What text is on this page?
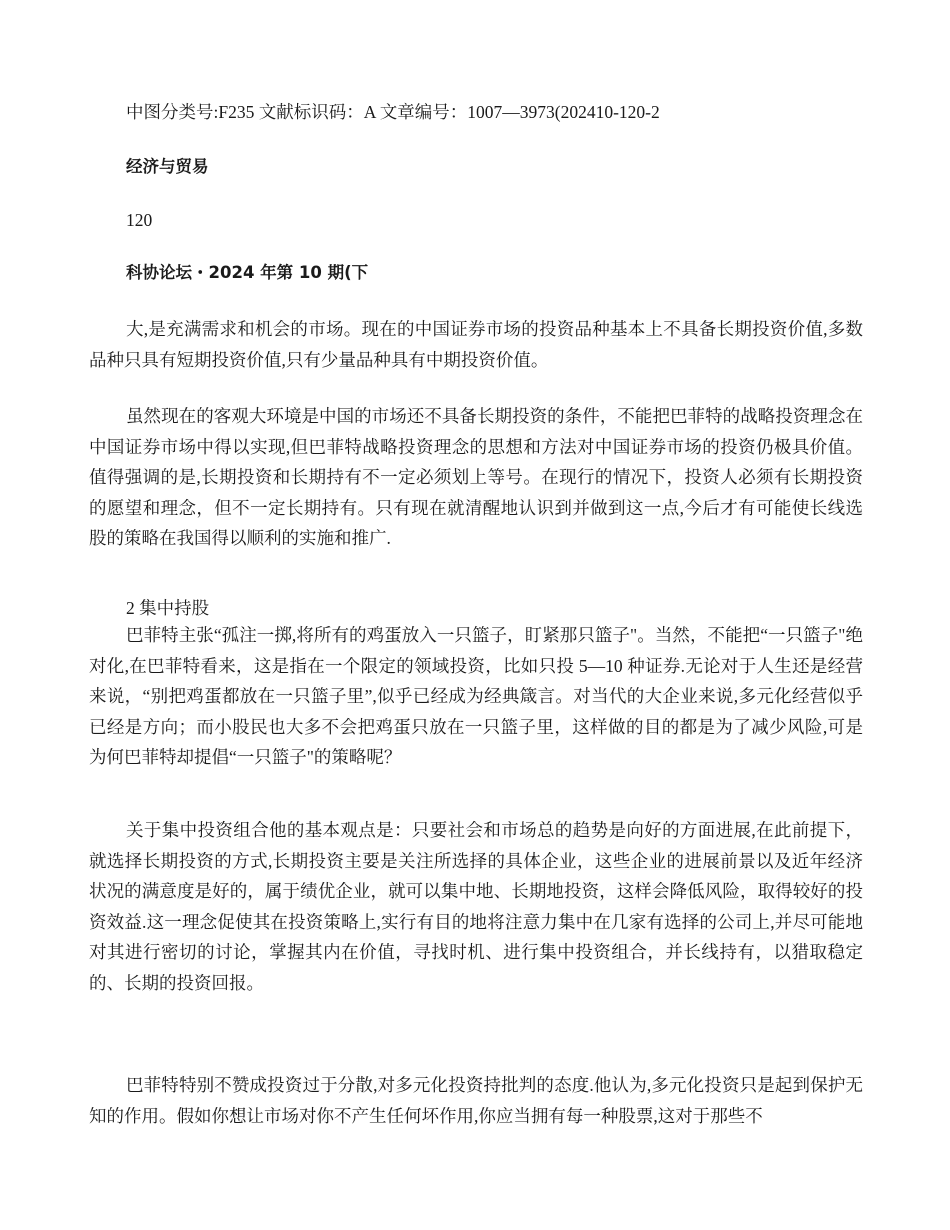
中图分类号:F235 文献标识码：A 文章编号：1007—3973(202410-120-2
经济与贸易
120
科协论坛・2024 年第 10 期(下

大,是充满需求和机会的市场。现在的中国证券市场的投资品种基本上不具备长期投资价值,多数品种只具有短期投资价值,只有少量品种具有中期投资价值。

虽然现在的客观大环境是中国的市场还不具备长期投资的条件，不能把巴菲特的战略投资理念在中国证券市场中得以实现,但巴菲特战略投资理念的思想和方法对中国证券市场的投资仍极具价值。值得强调的是,长期投资和长期持有不一定必须划上等号。在现行的情况下，投资人必须有长期投资的愿望和理念，但不一定长期持有。只有现在就清醒地认识到并做到这一点,今后才有可能使长线选股的策略在我国得以顺利的实施和推广.

2 集中持股

巴菲特主张“孤注一掷,将所有的鸡蛋放入一只篮子，盯紧那只篮子"。当然，不能把“一只篮子"绝对化,在巴菲特看来，这是指在一个限定的领域投资，比如只投 5—10 种证券.无论对于人生还是经营来说，“别把鸡蛋都放在一只篮子里”,似乎已经成为经典箴言。对当代的大企业来说,多元化经营似乎已经是方向；而小股民也大多不会把鸡蛋只放在一只篮子里，这样做的目的都是为了减少风险,可是为何巴菲特却提倡“一只篮子"的策略呢？

关于集中投资组合他的基本观点是：只要社会和市场总的趋势是向好的方面进展,在此前提下，就选择长期投资的方式,长期投资主要是关注所选择的具体企业，这些企业的进展前景以及近年经济状况的满意度是好的，属于绩优企业，就可以集中地、长期地投资，这样会降低风险，取得较好的投资效益.这一理念促使其在投资策略上,实行有目的地将注意力集中在几家有选择的公司上,并尽可能地对其进行密切的讨论，掌握其内在价值，寻找时机、进行集中投资组合，并长线持有，以猎取稳定的、长期的投资回报。

巴菲特特别不赞成投资过于分散,对多元化投资持批判的态度.他认为,多元化投资只是起到保护无知的作用。假如你想让市场对你不产生任何坏作用,你应当拥有每一种股票,这对于那些不
